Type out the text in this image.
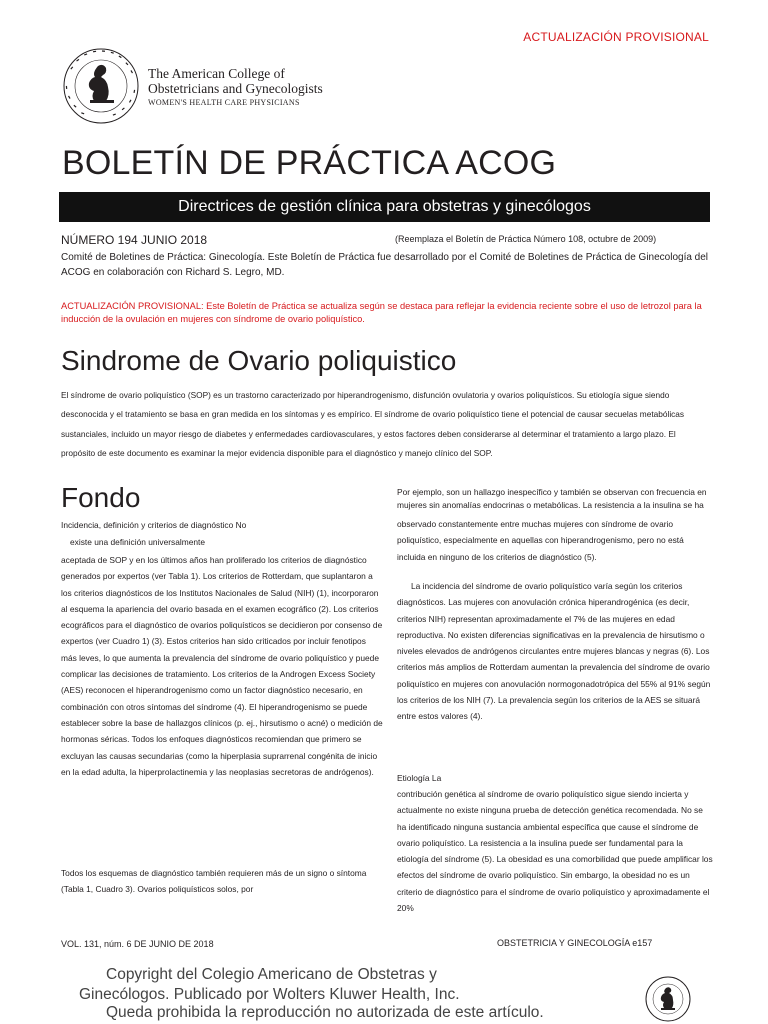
ACTUALIZACIÓN PROVISIONAL
The American College of
Obstetricians and Gynecologists
WOMEN'S HEALTH CARE PHYSICIANS
BOLETÍN DE PRÁCTICA ACOG
Directrices de gestión clínica para obstetras y ginecólogos
NÚMERO 194 JUNIO 2018	(Reemplaza el Boletín de Práctica Número 108, octubre de 2009)
Comité de Boletines de Práctica: Ginecología. Este Boletín de Práctica fue desarrollado por el Comité de Boletines de Práctica de Ginecología del ACOG en colaboración con Richard S. Legro, MD.
ACTUALIZACIÓN PROVISIONAL: Este Boletín de Práctica se actualiza según se destaca para reflejar la evidencia reciente sobre el uso de letrozol para la inducción de la ovulación en mujeres con síndrome de ovario poliquístico.
Sindrome de Ovario poliquistico
El síndrome de ovario poliquístico (SOP) es un trastorno caracterizado por hiperandrogenismo, disfunción ovulatoria y ovarios poliquísticos. Su etiología sigue siendo desconocida y el tratamiento se basa en gran medida en los síntomas y es empírico. El síndrome de ovario poliquístico tiene el potencial de causar secuelas metabólicas sustanciales, incluido un mayor riesgo de diabetes y enfermedades cardiovasculares, y estos factores deben considerarse al determinar el tratamiento a largo plazo. El propósito de este documento es examinar la mejor evidencia disponible para el diagnóstico y manejo clínico del SOP.
Fondo
Incidencia, definición y criterios de diagnóstico No
existe una definición universalmente
aceptada de SOP y en los últimos años han proliferado los criterios de diagnóstico generados por expertos (ver Tabla 1). Los criterios de Rotterdam, que suplantaron a los criterios diagnósticos de los Institutos Nacionales de Salud (NIH) (1), incorporaron al esquema la apariencia del ovario basada en el examen ecográfico (2). Los criterios ecográficos para el diagnóstico de ovarios poliquísticos se decidieron por consenso de expertos (ver Cuadro 1) (3). Estos criterios han sido criticados por incluir fenotipos más leves, lo que aumenta la prevalencia del síndrome de ovario poliquístico y puede complicar las decisiones de tratamiento. Los criterios de la Androgen Excess Society (AES) reconocen el hiperandrogenismo como un factor diagnóstico necesario, en combinación con otros síntomas del síndrome (4). El hiperandrogenismo se puede establecer sobre la base de hallazgos clínicos (p. ej., hirsutismo o acné) o medición de hormonas séricas. Todos los enfoques diagnósticos recomiendan que primero se excluyan las causas secundarias (como la hiperplasia suprarrenal congénita de inicio en la edad adulta, la hiperprolactinemia y las neoplasias secretoras de andrógenos).
Todos los esquemas de diagnóstico también requieren más de un signo o síntoma (Tabla 1, Cuadro 3). Ovarios poliquísticos solos, por
Por ejemplo, son un hallazgo inespecífico y también se observan con frecuencia en mujeres sin anomalías endocrinas o metabólicas. La resistencia a la insulina se ha
observado constantemente entre muchas mujeres con síndrome de ovario poliquístico, especialmente en aquellas con hiperandrogenismo, pero no está incluida en ninguno de los criterios de diagnóstico (5).
La incidencia del síndrome de ovario poliquístico varía según los criterios diagnósticos. Las mujeres con anovulación crónica hiperandrogénica (es decir, criterios NIH) representan aproximadamente el 7% de las mujeres en edad reproductiva. No existen diferencias significativas en la prevalencia de hirsutismo o niveles elevados de andrógenos circulantes entre mujeres blancas y negras (6). Los criterios más amplios de Rotterdam aumentan la prevalencia del síndrome de ovario poliquístico en mujeres con anovulación normogonadotrópica del 55% al 91% según los criterios de los NIH (7). La prevalencia según los criterios de la AES se situará entre estos valores (4).
Etiología La
contribución genética al síndrome de ovario poliquístico sigue siendo incierta y actualmente no existe ninguna prueba de detección genética recomendada. No se ha identificado ninguna sustancia ambiental específica que cause el síndrome de ovario poliquístico. La resistencia a la insulina puede ser fundamental para la etiología del síndrome (5). La obesidad es una comorbilidad que puede amplificar los efectos del síndrome de ovario poliquístico. Sin embargo, la obesidad no es un criterio de diagnóstico para el síndrome de ovario poliquístico y aproximadamente el 20%
VOL. 131, núm. 6 DE JUNIO DE 2018	OBSTETRICIA Y GINECOLOGÍA e157
Copyright del Colegio Americano de Obstetras y
Ginecólogos. Publicado por Wolters Kluwer Health, Inc.
Queda prohibida la reproducción no autorizada de este artículo.
